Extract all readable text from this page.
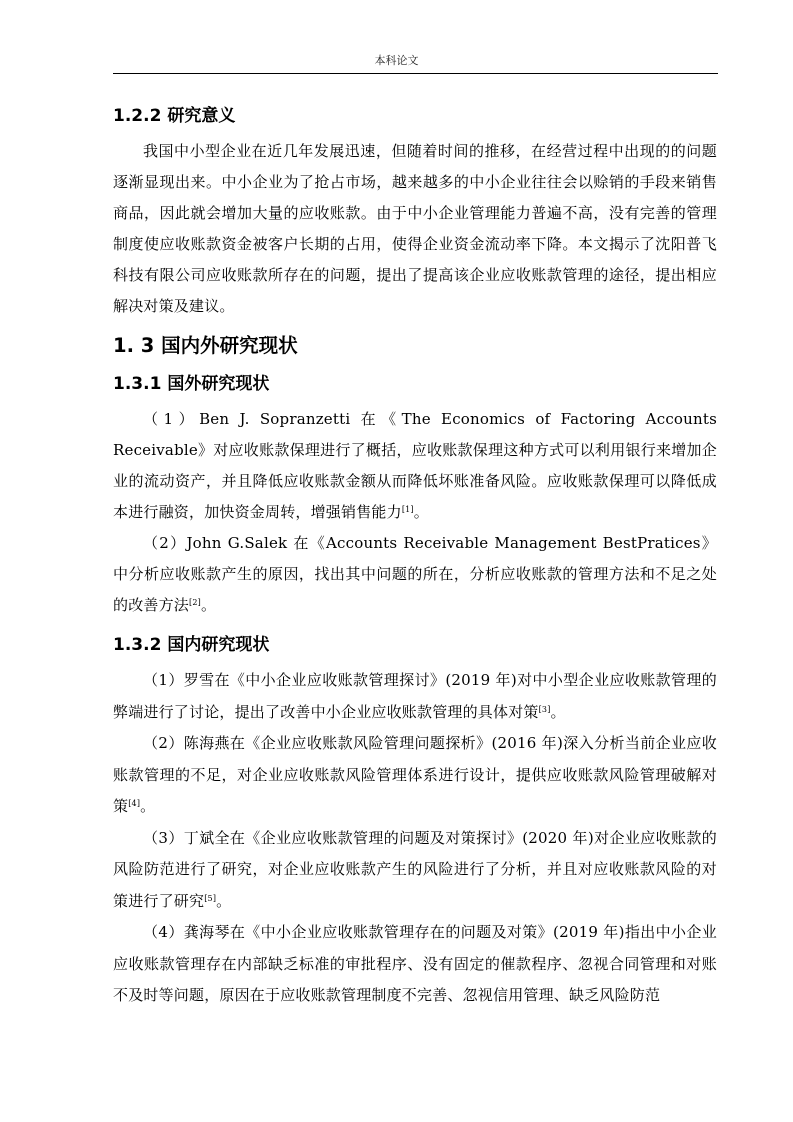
本科论文
1.2.2 研究意义

我国中小型企业在近几年发展迅速，但随着时间的推移，在经营过程中出现的的问题逐渐显现出来。中小企业为了抢占市场，越来越多的中小企业往往会以赊销的手段来销售商品，因此就会增加大量的应收账款。由于中小企业管理能力普遍不高，没有完善的管理制度使应收账款资金被客户长期的占用，使得企业资金流动率下降。本文揭示了沈阳普飞科技有限公司应收账款所存在的问题，提出了提高该企业应收账款管理的途径，提出相应解决对策及建议。

1. 3 国内外研究现状
1.3.1 国外研究现状

（1）Ben J. Sopranzetti 在《The Economics of Factoring Accounts Receivable》对应收账款保理进行了概括，应收账款保理这种方式可以利用银行来增加企业的流动资产，并且降低应收账款金额从而降低坏账准备风险。应收账款保理可以降低成本进行融资，加快资金周转，增强销售能力[1]。

（2）John G.Salek 在《Accounts Receivable Management BestPratices》中分析应收账款产生的原因，找出其中问题的所在，分析应收账款的管理方法和不足之处的改善方法[2]。

1.3.2 国内研究现状

（1）罗雪在《中小企业应收账款管理探讨》(2019 年)对中小型企业应收账款管理的弊端进行了讨论，提出了改善中小企业应收账款管理的具体对策[3]。

（2）陈海燕在《企业应收账款风险管理问题探析》(2016 年)深入分析当前企业应收账款管理的不足，对企业应收账款风险管理体系进行设计，提供应收账款风险管理破解对策[4]。

（3）丁斌全在《企业应收账款管理的问题及对策探讨》(2020 年)对企业应收账款的风险防范进行了研究，对企业应收账款产生的风险进行了分析，并且对应收账款风险的对策进行了研究[5]。

（4）龚海琴在《中小企业应收账款管理存在的问题及对策》(2019 年)指出中小企业应收账款管理存在内部缺乏标准的审批程序、没有固定的催款程序、忽视合同管理和对账不及时等问题，原因在于应收账款管理制度不完善、忽视信用管理、缺乏风险防范
